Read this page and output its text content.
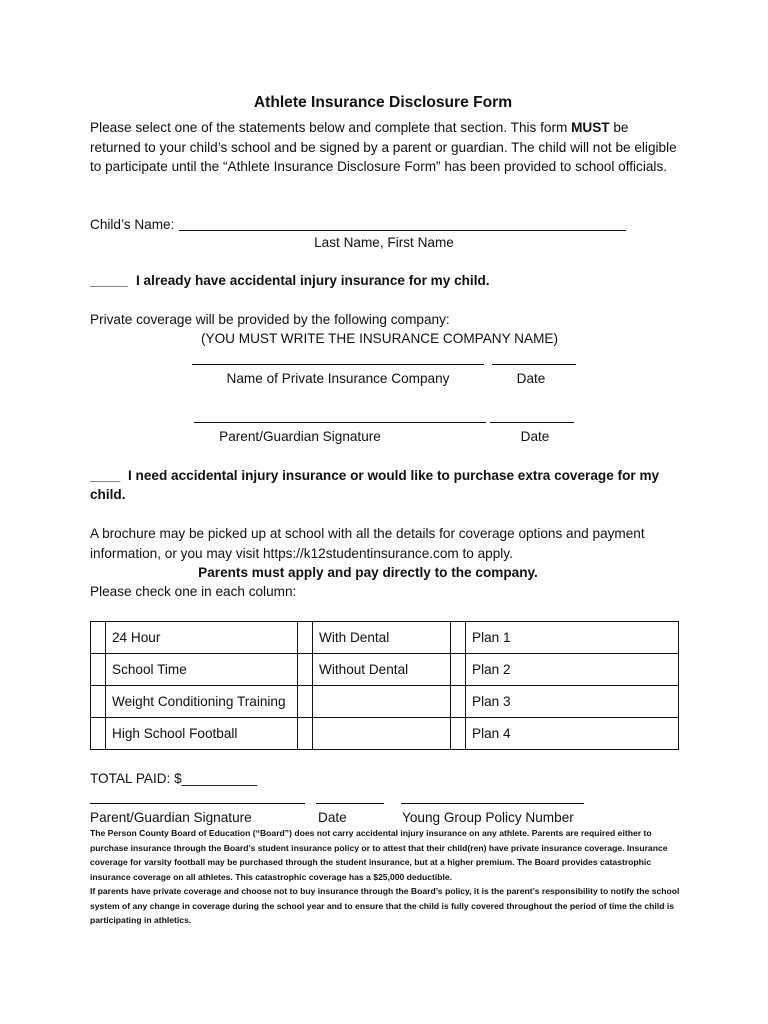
Athlete Insurance Disclosure Form
Please select one of the statements below and complete that section. This form MUST be returned to your child’s school and be signed by a parent or guardian. The child will not be eligible to participate until the “Athlete Insurance Disclosure Form” has been provided to school officials.
Child’s Name:
Last Name, First Name
_____ I already have accidental injury insurance for my child.
Private coverage will be provided by the following company:
(YOU MUST WRITE THE INSURANCE COMPANY NAME)
Name of Private Insurance Company	Date
Parent/Guardian Signature	Date
____ I need accidental injury insurance or would like to purchase extra coverage for my
child.
A brochure may be picked up at school with all the details for coverage options and payment information, or you may visit https://k12studentinsurance.com to apply.
Parents must apply and pay directly to the company.
Please check one in each column:
	24 Hour		With Dental		Plan 1
	School Time		Without Dental		Plan 2
	Weight Conditioning Training				Plan 3
	High School Football				Plan 4
TOTAL PAID: $__________
Parent/Guardian Signature	Date	Young Group Policy Number
The Person County Board of Education (“Board”) does not carry accidental injury insurance on any athlete. Parents are required either to purchase insurance through the Board’s student insurance policy or to attest that their child(ren) have private insurance coverage. Insurance coverage for varsity football may be purchased through the student insurance, but at a higher premium. The Board provides catastrophic insurance coverage on all athletes. This catastrophic coverage has a $25,000 deductible.
If parents have private coverage and choose not to buy insurance through the Board’s policy, it is the parent’s responsibility to notify the school system of any change in coverage during the school year and to ensure that the child is fully covered throughout the period of time the child is participating in athletics.
